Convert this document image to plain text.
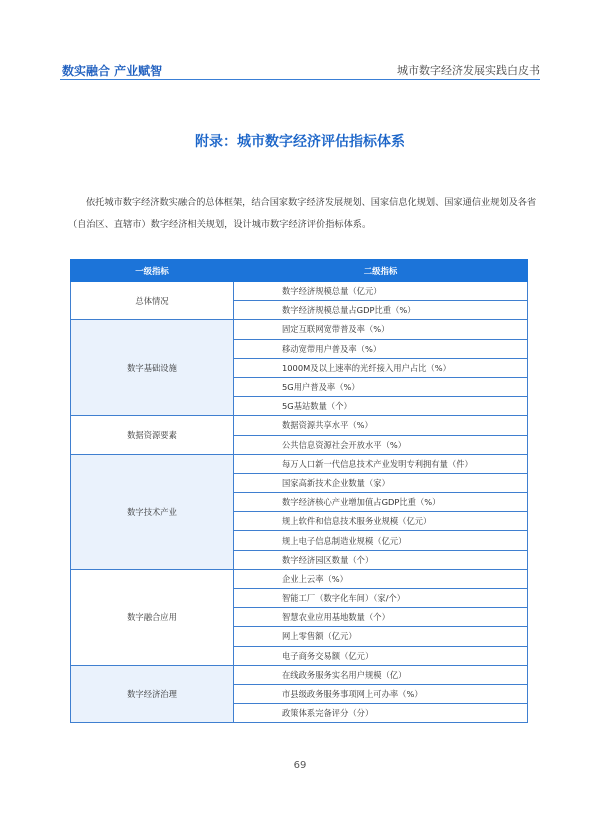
数实融合 产业赋智	城市数字经济发展实践白皮书
附录：城市数字经济评估指标体系

依托城市数字经济数实融合的总体框架，结合国家数字经济发展规划、国家信息化规划、国家通信业规划及各省（自治区、直辖市）数字经济相关规划，设计城市数字经济评价指标体系。

一级指标	二级指标
总体情况	数字经济规模总量（亿元）
	数字经济规模总量占GDP比重（%）
数字基础设施	固定互联网宽带普及率（%）
	移动宽带用户普及率（%）
	1000M及以上速率的光纤接入用户占比（%）
	5G用户普及率（%）
	5G基站数量（个）
数据资源要素	数据资源共享水平（%）
	公共信息资源社会开放水平（%）
数字技术产业	每万人口新一代信息技术产业发明专利拥有量（件）
	国家高新技术企业数量（家）
	数字经济核心产业增加值占GDP比重（%）
	规上软件和信息技术服务业规模（亿元）
	规上电子信息制造业规模（亿元）
	数字经济园区数量（个）
数字融合应用	企业上云率（%）
	智能工厂（数字化车间）（家/个）
	智慧农业应用基地数量（个）
	网上零售额（亿元）
	电子商务交易额（亿元）
数字经济治理	在线政务服务实名用户规模（亿）
	市县级政务服务事项网上可办率（%）
	政策体系完备评分（分）
69
